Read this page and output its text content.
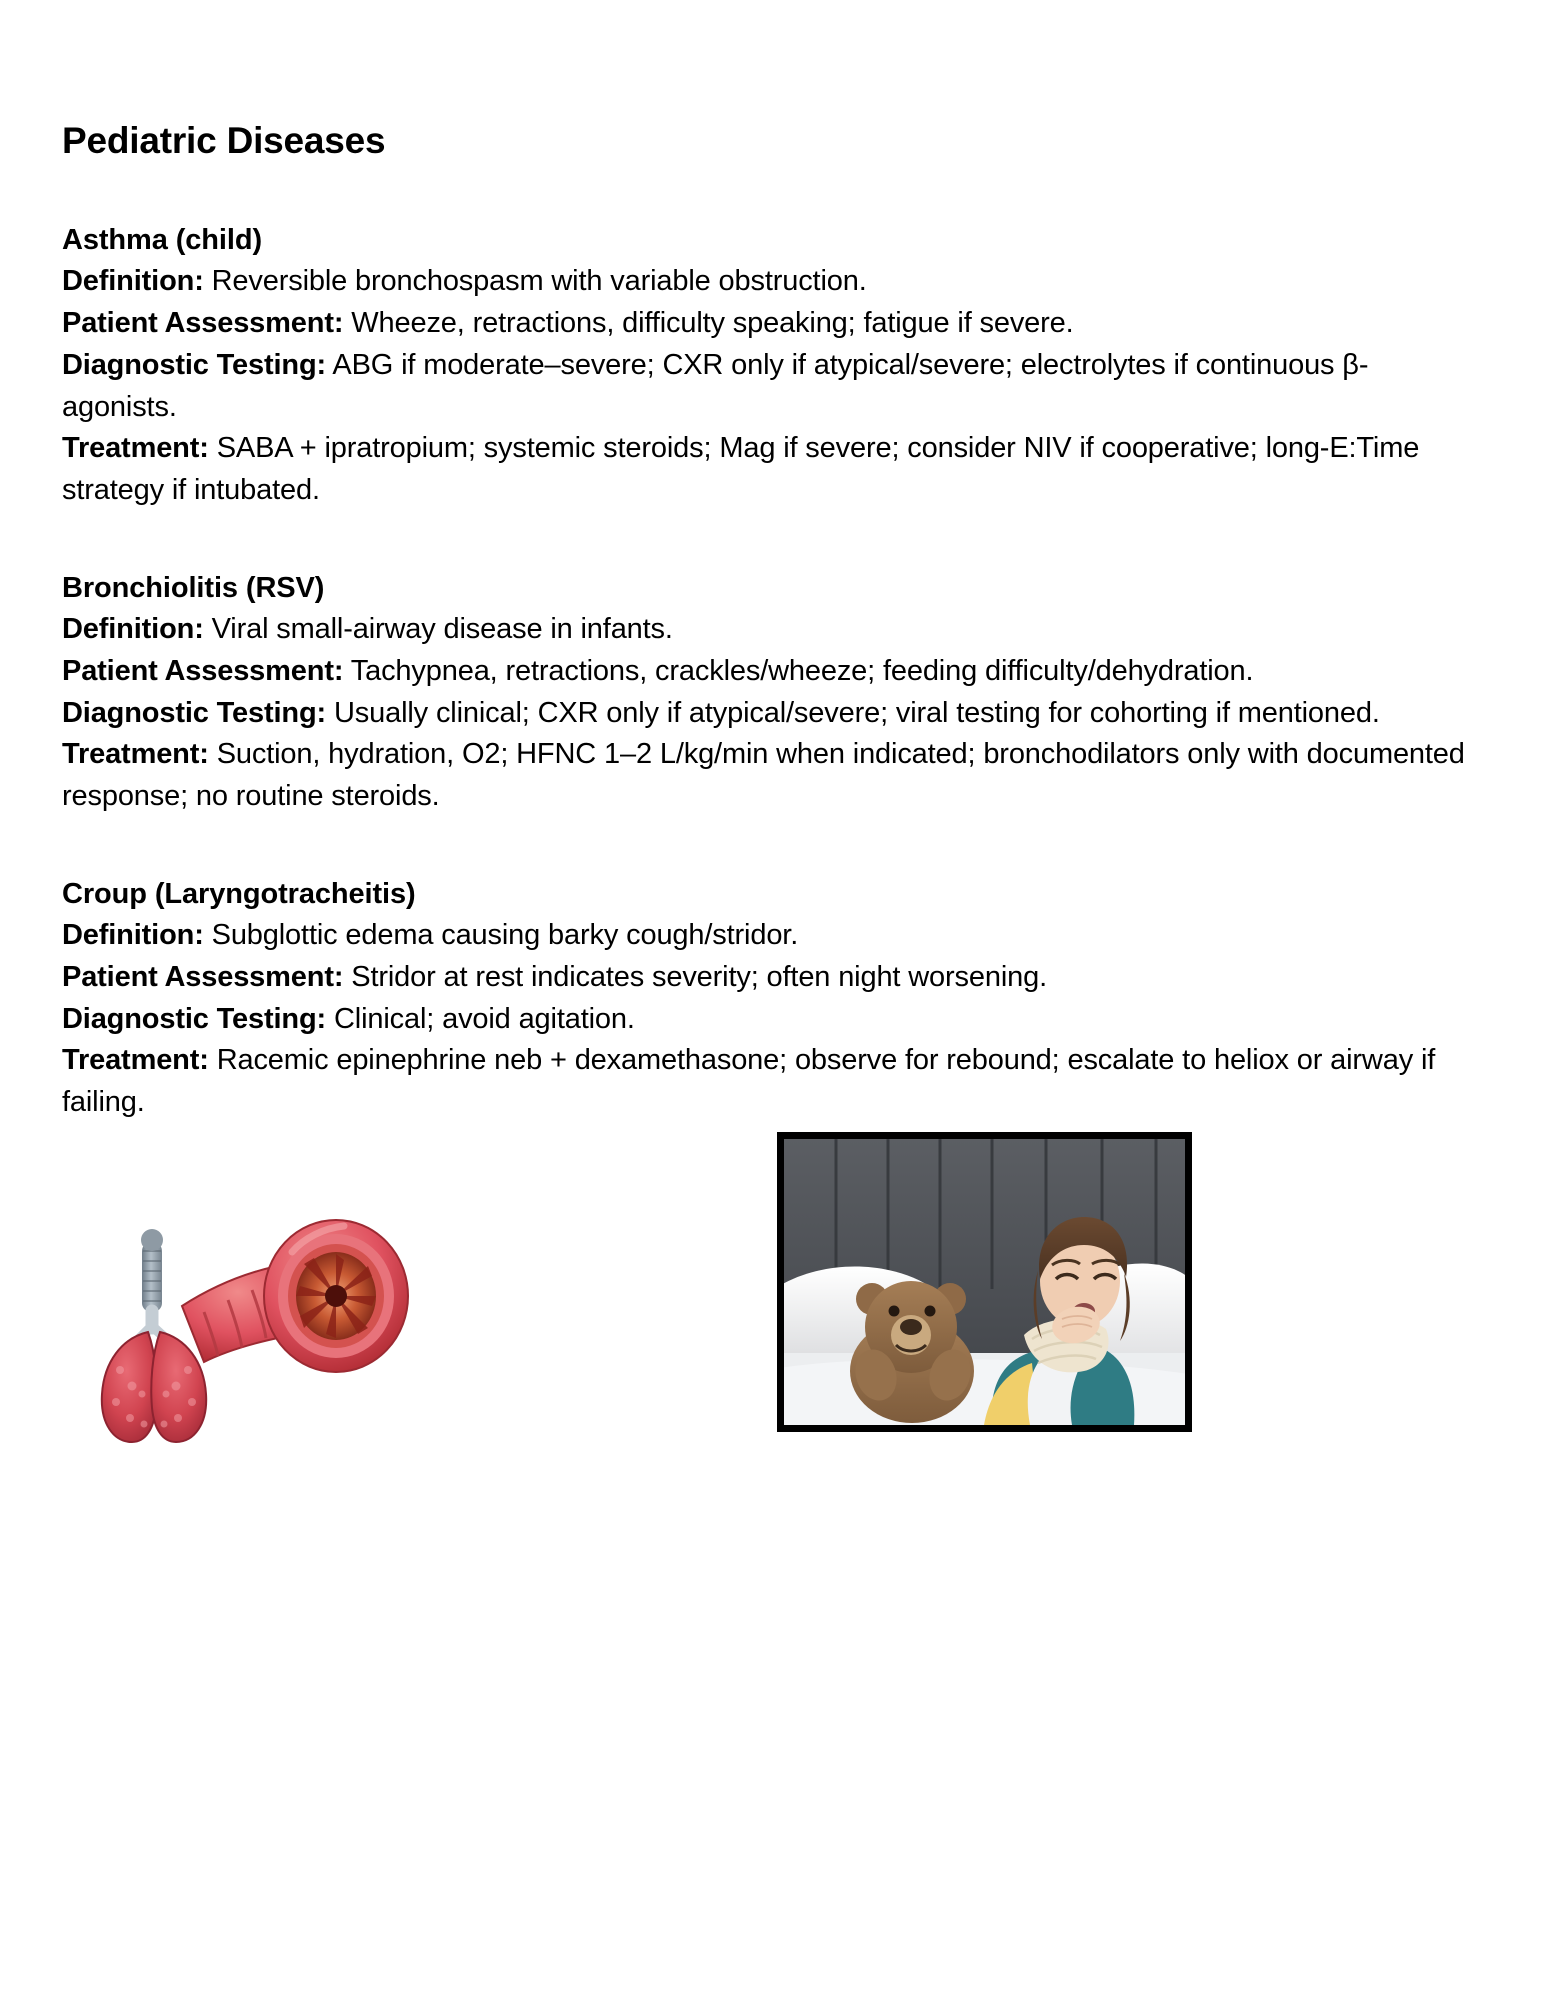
Pediatric Diseases
Asthma (child)

Definition: Reversible bronchospasm with variable obstruction.

Patient Assessment: Wheeze, retractions, difficulty speaking; fatigue if severe.

Diagnostic Testing: ABG if moderate–severe; CXR only if atypical/severe; electrolytes if continuous β-agonists.

Treatment: SABA + ipratropium; systemic steroids; Mag if severe; consider NIV if cooperative; long-E:Time strategy if intubated.

Bronchiolitis (RSV)

Definition: Viral small-airway disease in infants.

Patient Assessment: Tachypnea, retractions, crackles/wheeze; feeding difficulty/dehydration.

Diagnostic Testing: Usually clinical; CXR only if atypical/severe; viral testing for cohorting if mentioned.

Treatment: Suction, hydration, O2; HFNC 1–2 L/kg/min when indicated; bronchodilators only with documented response; no routine steroids.

Croup (Laryngotracheitis)

Definition: Subglottic edema causing barky cough/stridor.

Patient Assessment: Stridor at rest indicates severity; often night worsening.

Diagnostic Testing: Clinical; avoid agitation.

Treatment: Racemic epinephrine neb + dexamethasone; observe for rebound; escalate to heliox or airway if failing.
